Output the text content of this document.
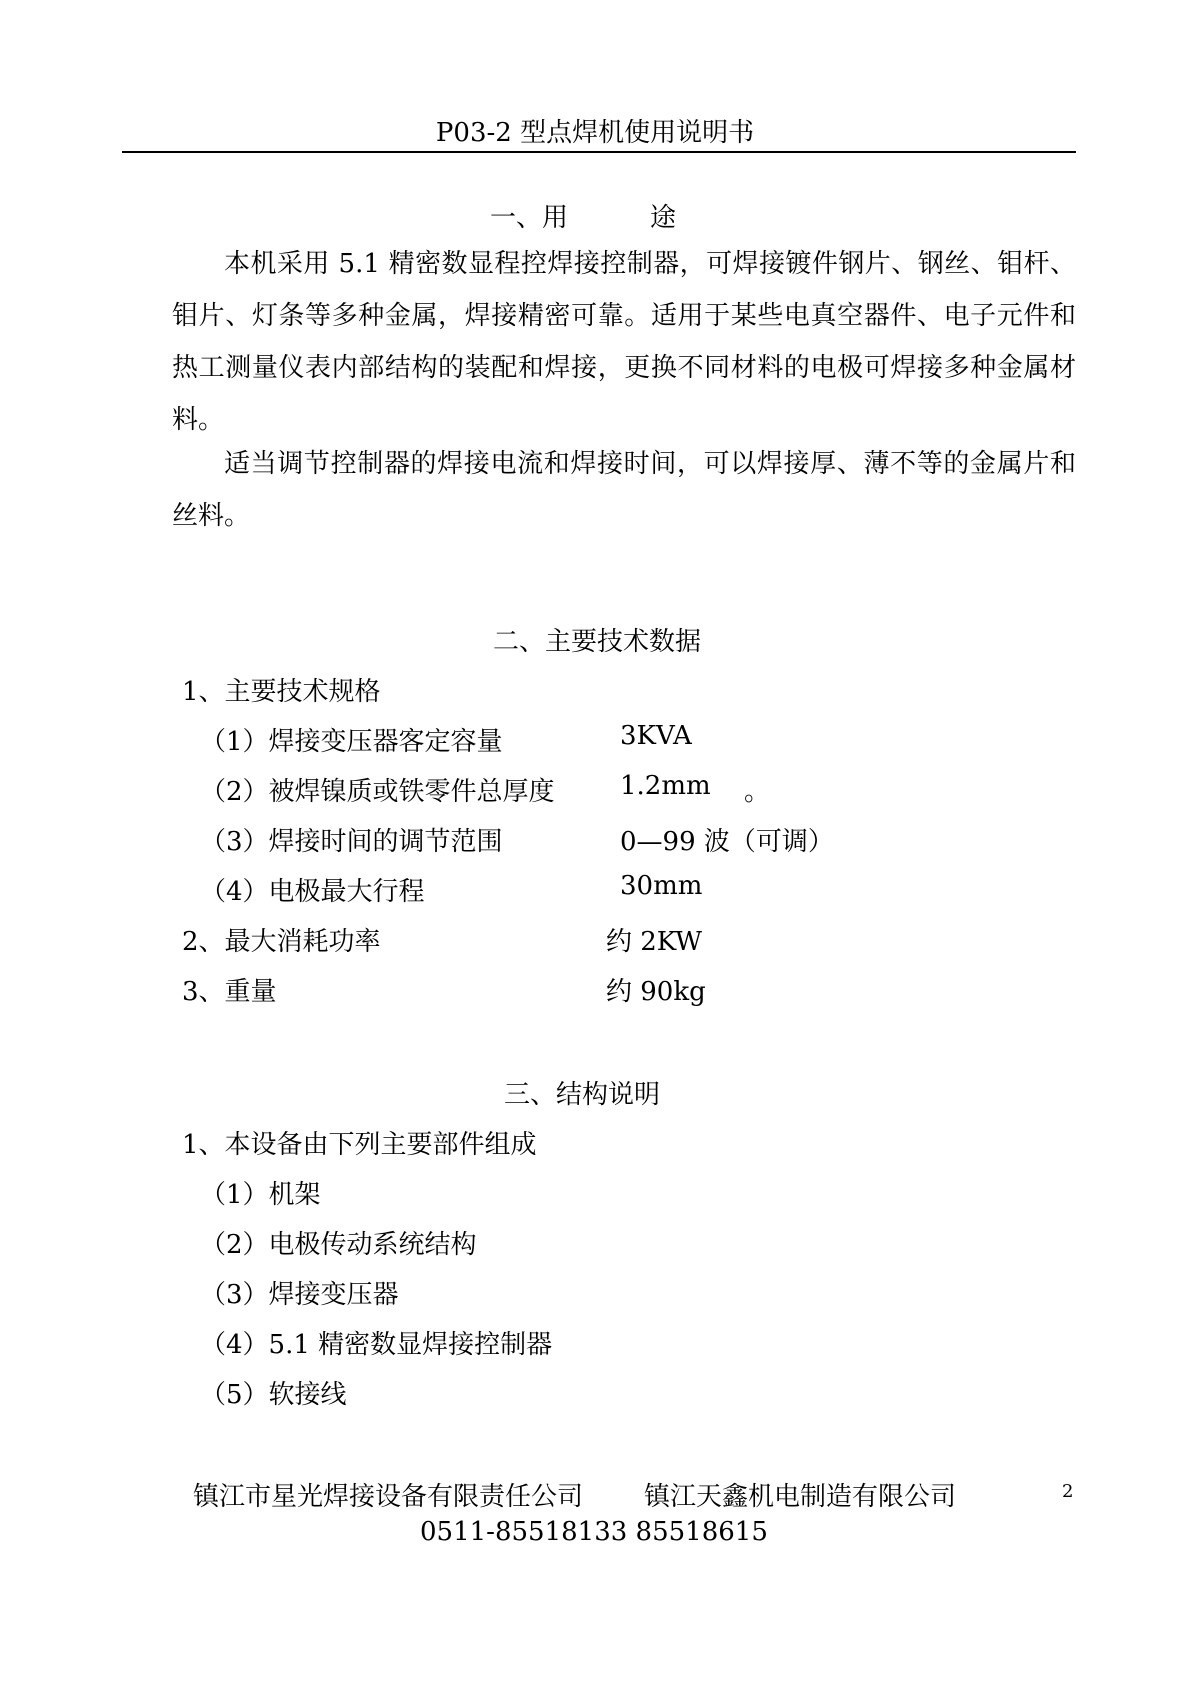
P03-2 型点焊机使用说明书
一、用	途
本机采用 5.1 精密数显程控焊接控制器，可焊接镀件钢片、钢丝、钼杆、钼片、灯条等多种金属，焊接精密可靠。适用于某些电真空器件、电子元件和热工测量仪表内部结构的装配和焊接，更换不同材料的电极可焊接多种金属材料。
适当调节控制器的焊接电流和焊接时间，可以焊接厚、薄不等的金属片和丝料。
二、主要技术数据
1、主要技术规格
（1）焊接变压器客定容量	3KVA
（2）被焊镍质或铁零件总厚度	1.2mm 。
（3）焊接时间的调节范围	0—99 波（可调）
（4）电极最大行程	30mm
2、最大消耗功率	约 2KW
3、重量	约 90kg
三、结构说明
1、本设备由下列主要部件组成
（1）机架
（2）电极传动系统结构
（3）焊接变压器
（4）5.1 精密数显焊接控制器
（5）软接线
镇江市星光焊接设备有限责任公司 镇江天鑫机电制造有限公司
0511-85518133 85518615
2
